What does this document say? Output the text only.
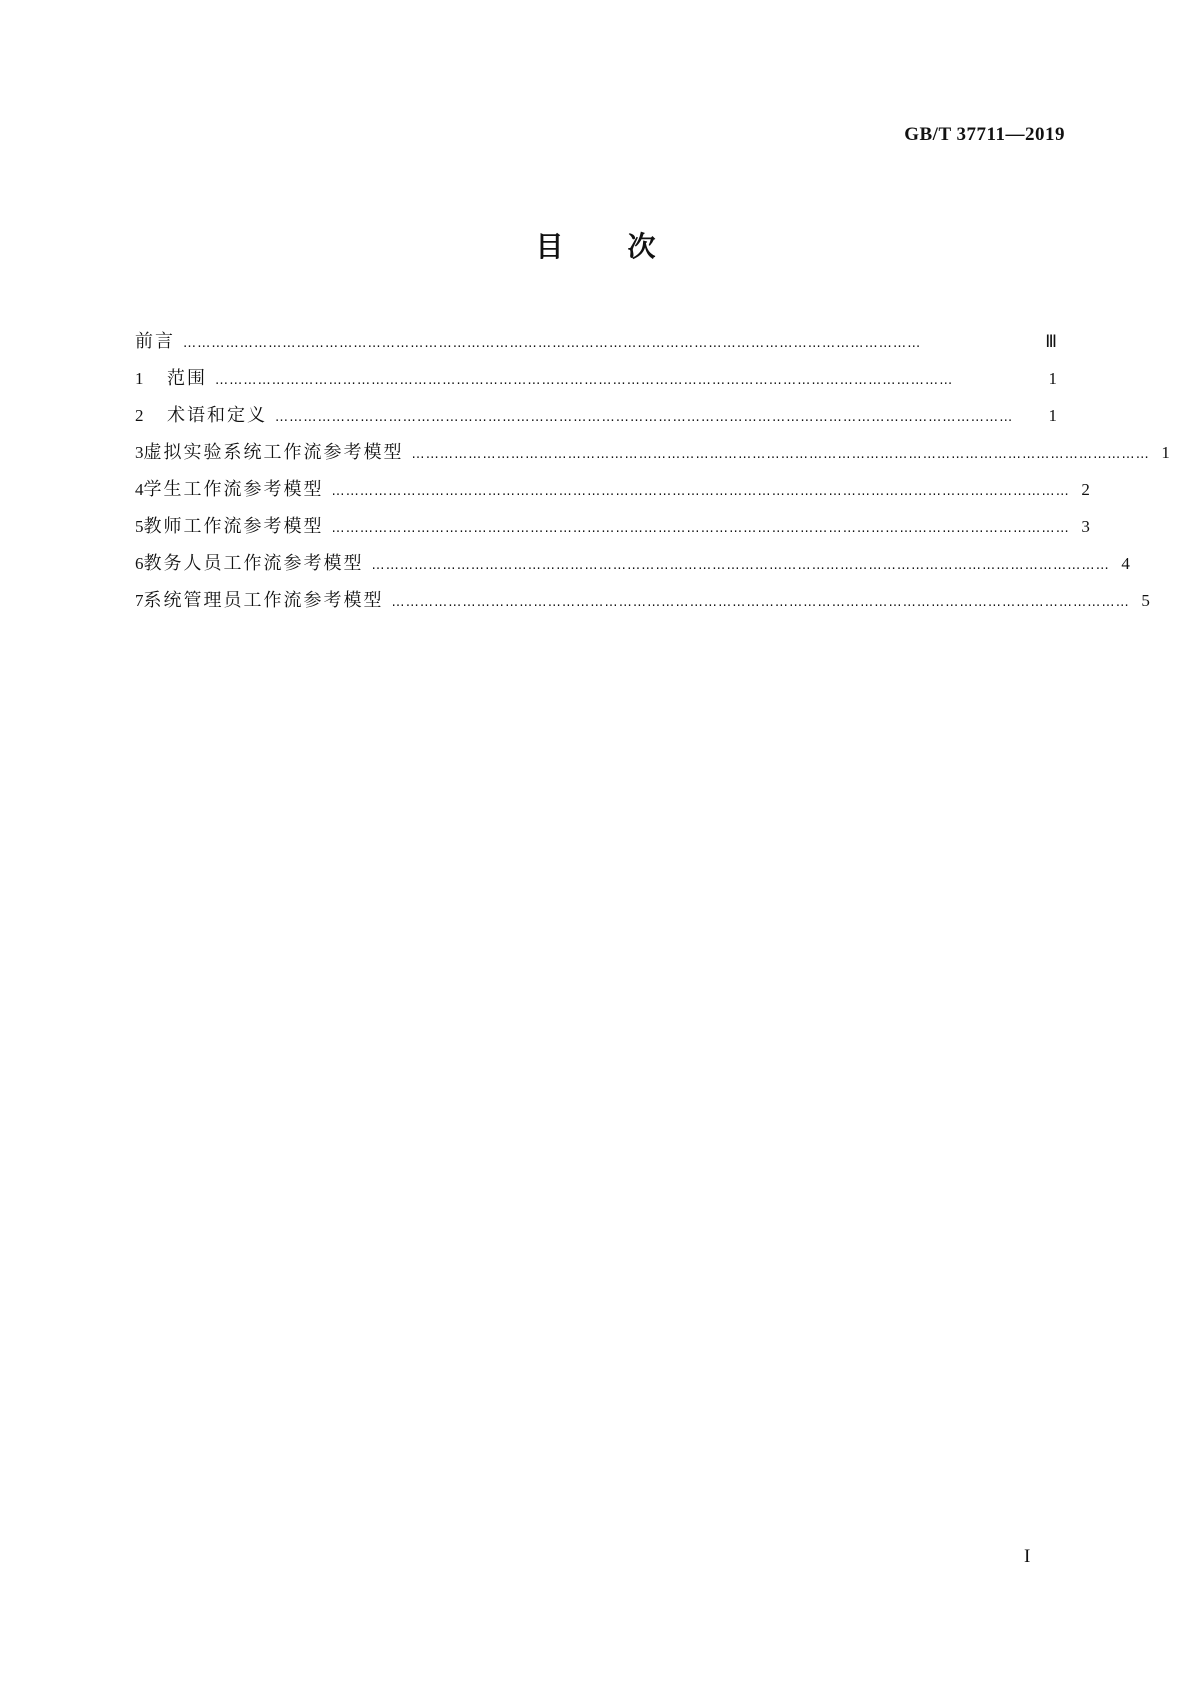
GB/T 37711—2019
目 次
前言 …………………………………………………………………………………………………………………………………………	Ⅲ
1	范围 …………………………………………………………………………………………………………………………………………	1
2	术语和定义 …………………………………………………………………………………………………………………………………………	1
3 虚拟实验系统工作流参考模型 ………………………………………………………………………………………………………………………………………… 1
4 学生工作流参考模型 ………………………………………………………………………………………………………………………………………… 2
5 教师工作流参考模型 ………………………………………………………………………………………………………………………………………… 3
6 教务人员工作流参考模型 ………………………………………………………………………………………………………………………………………… 4
7 系统管理员工作流参考模型 ………………………………………………………………………………………………………………………………………… 5
I
